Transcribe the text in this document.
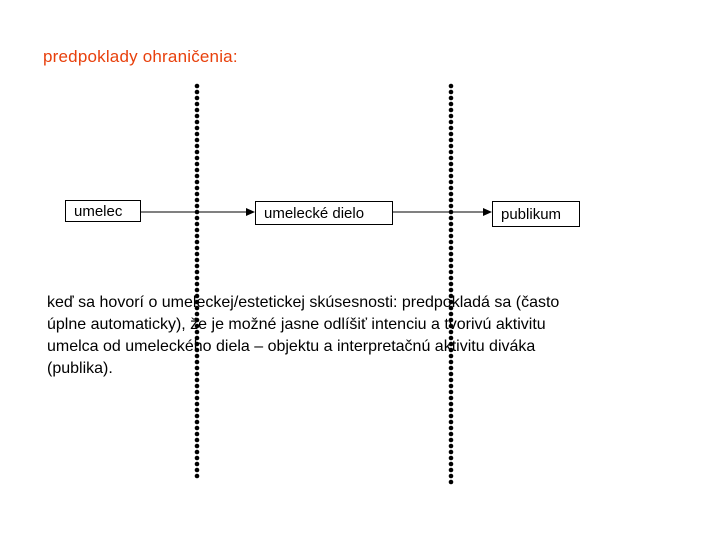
predpoklady ohraničenia:
umelec	umelecké dielo	publikum
keď sa hovorí o umeleckej/estetickej skúsesnosti: predpokladá sa (často
úplne automaticky), že je možné jasne odlíšiť intenciu a tvorivú aktivitu
umelca od umeleckého diela – objektu a interpretačnú aktivitu diváka
(publika).
